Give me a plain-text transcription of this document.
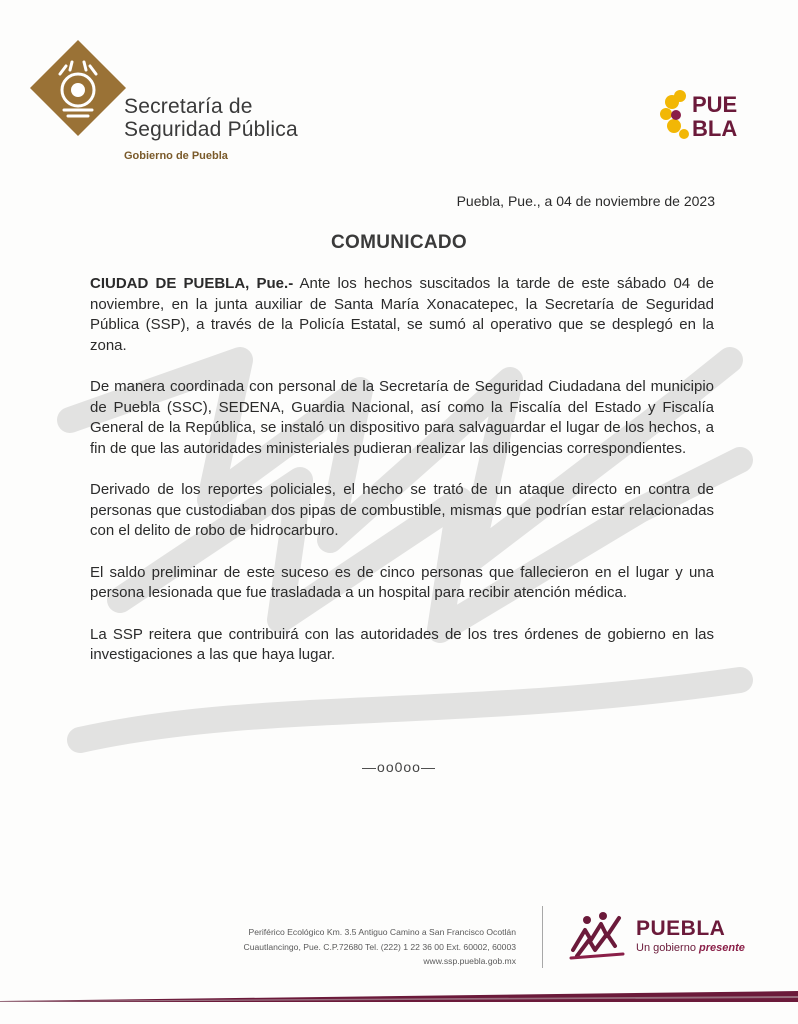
Secretaría de
Seguridad Pública
Gobierno de Puebla
PUE
BLA
Puebla, Pue., a 04 de noviembre de 2023
COMUNICADO

CIUDAD DE PUEBLA, Pue.- Ante los hechos suscitados la tarde de este sábado 04 de noviembre, en la junta auxiliar de Santa María Xonacatepec, la Secretaría de Seguridad Pública (SSP), a través de la Policía Estatal, se sumó al operativo que se desplegó en la zona.

De manera coordinada con personal de la Secretaría de Seguridad Ciudadana del municipio de Puebla (SSC), SEDENA, Guardia Nacional, así como la Fiscalía del Estado y Fiscalía General de la República, se instaló un dispositivo para salvaguardar el lugar de los hechos, a fin de que las autoridades ministeriales pudieran realizar las diligencias correspondientes.

Derivado de los reportes policiales, el hecho se trató de un ataque directo en contra de personas que custodiaban dos pipas de combustible, mismas que podrían estar relacionadas con el delito de robo de hidrocarburo.

El saldo preliminar de este suceso es de cinco personas que fallecieron en el lugar y una persona lesionada que fue trasladada a un hospital para recibir atención médica.

La SSP reitera que contribuirá con las autoridades de los tres órdenes de gobierno en las investigaciones a las que haya lugar.

—oo0oo—
Periférico Ecológico Km. 3.5 Antiguo Camino a San Francisco Ocotlán
Cuautlancingo, Pue. C.P.72680 Tel. (222) 1 22 36 00 Ext. 60002, 60003
www.ssp.puebla.gob.mx
PUEBLA
Un gobierno presente
